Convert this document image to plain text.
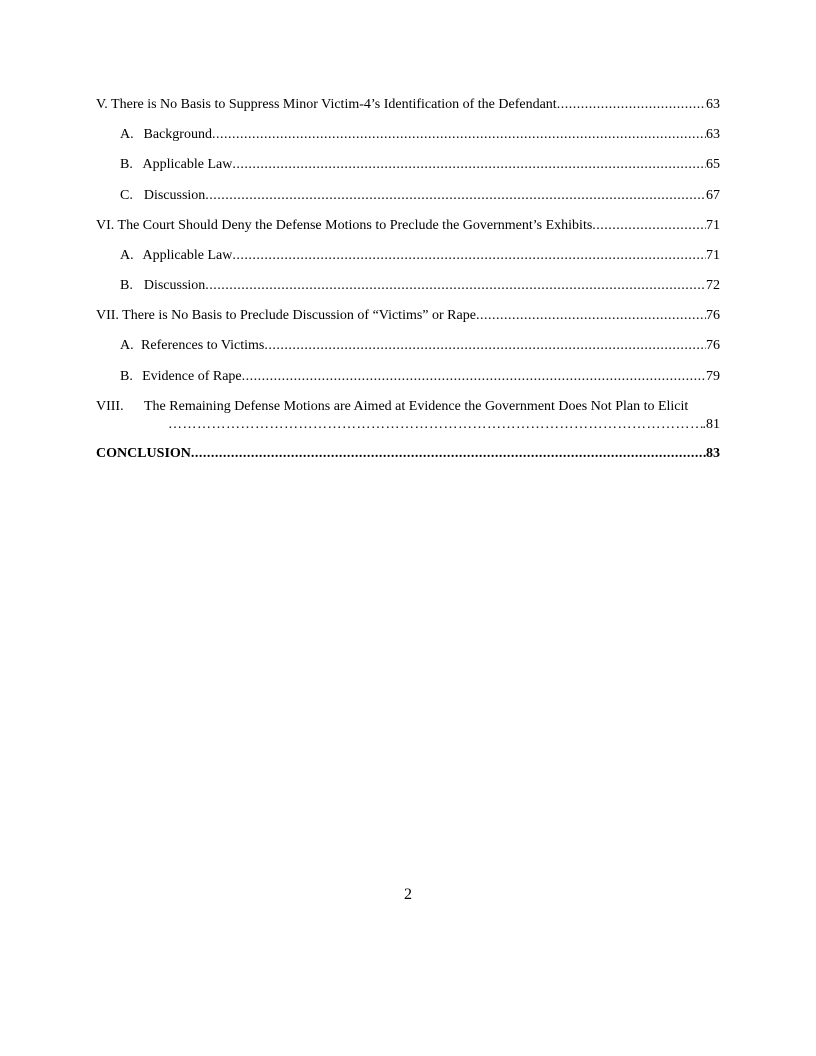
V. There is No Basis to Suppress Minor Victim-4’s Identification of the Defendant .....	63
A. Background .....	63
B. Applicable Law .....	65
C. Discussion .....	67
VI. The Court Should Deny the Defense Motions to Preclude the Government’s Exhibits .....	71
A. Applicable Law .....	71
B. Discussion .....	72
VII. There is No Basis to Preclude Discussion of “Victims” or Rape .....	76
A. References to Victims .....	76
B. Evidence of Rape .....	79
VIII.	The Remaining Defense Motions are Aimed at Evidence the Government Does Not Plan to Elicit
……………………………………………………………………………………………………………………………………………
.81
CONCLUSION .....	83
2
